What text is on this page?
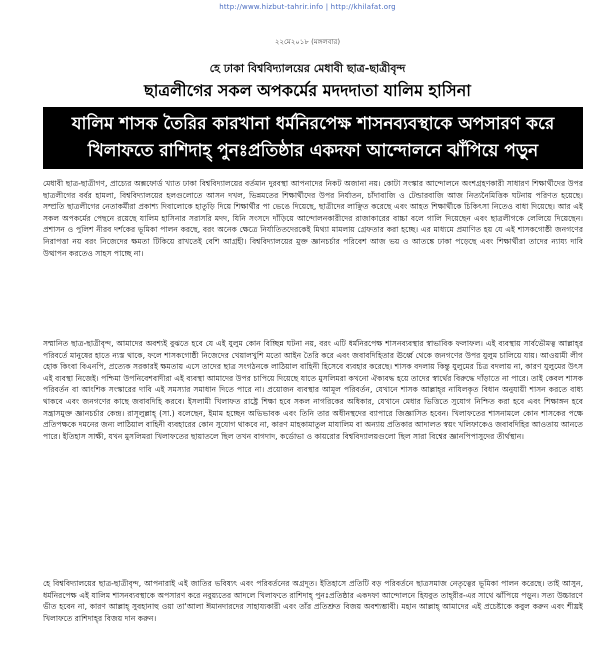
http://www.hizbut-tahrir.info | http://khilafat.org
২২মে২০১৮ (মঙ্গলবার)
হে ঢাকা বিশ্ববিদ্যালয়ের মেধাবী ছাত্র-ছাত্রীবৃন্দ
ছাত্রলীগের সকল অপকর্মের মদদদাতা যালিম হাসিনা
যালিম শাসক তৈরির কারখানা ধর্মনিরপেক্ষ শাসনব্যবস্থাকে অপসারণ করে
খিলাফতে রাশিদাহ্ পুনঃপ্রতিষ্ঠার একদফা আন্দোলনে ঝাঁপিয়ে পড়ুন
মেধাবী ছাত্র-ছাত্রীগণ, প্রাচ্যের অক্সফোর্ড খ্যাত ঢাকা বিশ্ববিদ্যালয়ের বর্তমান দুরবস্থা আপনাদের নিকট অজানা নয়। কোটা সংস্কার আন্দোলনে অংশগ্রহণকারী সাধারণ শিক্ষার্থীদের উপর ছাত্রলীগের বর্বর হামলা, বিশ্ববিদ্যালয়ের হলগুলোতে আসন দখল, ভিন্নমতের শিক্ষার্থীদের উপর নির্যাতন, চাঁদাবাজি ও টেন্ডারবাজি আজ নিত্যনৈমিত্তিক ঘটনায় পরিণত হয়েছে। সম্প্রতি ছাত্রলীগের নেতাকর্মীরা প্রকাশ্য দিবালোকে হাতুড়ি দিয়ে শিক্ষার্থীর পা ভেঙে দিয়েছে, ছাত্রীদের লাঞ্ছিত করেছে এবং আহত শিক্ষার্থীকে চিকিৎসা নিতেও বাধা দিয়েছে। আর এই সকল অপকর্মের পেছনে রয়েছে যালিম হাসিনার সরাসরি মদদ, যিনি সংসদে দাঁড়িয়ে আন্দোলনকারীদের রাজাকারের বাচ্চা বলে গালি দিয়েছেন এবং ছাত্রলীগকে লেলিয়ে দিয়েছেন। প্রশাসন ও পুলিশ নীরব দর্শকের ভূমিকা পালন করছে, বরং অনেক ক্ষেত্রে নির্যাতিতদেরকেই মিথ্যা মামলায় গ্রেফতার করা হচ্ছে। এর মাধ্যমে প্রমাণিত হয় যে এই শাসকগোষ্ঠী জনগণের নিরাপত্তা নয় বরং নিজেদের ক্ষমতা টিকিয়ে রাখতেই বেশি আগ্রহী। বিশ্ববিদ্যালয়ের মুক্ত জ্ঞানচর্চার পরিবেশ আজ ভয় ও আতঙ্কে ঢাকা পড়েছে এবং শিক্ষার্থীরা তাদের ন্যায্য দাবি উত্থাপন করতেও সাহস পাচ্ছে না।
সম্মানিত ছাত্র-ছাত্রীবৃন্দ, আমাদের অবশ্যই বুঝতে হবে যে এই যুলুম কোন বিচ্ছিন্ন ঘটনা নয়, বরং এটি ধর্মনিরপেক্ষ শাসনব্যবস্থার স্বাভাবিক ফলাফল। এই ব্যবস্থায় সার্বভৌমত্ব আল্লাহ্‌র পরিবর্তে মানুষের হাতে ন্যস্ত থাকে, ফলে শাসকগোষ্ঠী নিজেদের খেয়ালখুশি মতো আইন তৈরি করে এবং জবাবদিহিতার ঊর্ধ্বে থেকে জনগণের উপর যুলুম চালিয়ে যায়। আওয়ামী লীগ হোক কিংবা বিএনপি, প্রত্যেক সরকারই ক্ষমতায় এসে তাদের ছাত্র সংগঠনকে লাঠিয়াল বাহিনী হিসেবে ব্যবহার করেছে। শাসক বদলায় কিন্তু যুলুমের চিত্র বদলায় না, কারণ যুলুমের উৎস এই ব্যবস্থা নিজেই। পশ্চিমা উপনিবেশবাদীরা এই ব্যবস্থা আমাদের উপর চাপিয়ে দিয়েছে যাতে মুসলিমরা কখনো ঐক্যবদ্ধ হয়ে তাদের স্বার্থের বিরুদ্ধে দাঁড়াতে না পারে। তাই কেবল শাসক পরিবর্তন বা আংশিক সংস্কারের দাবি এই সমস্যার সমাধান দিতে পারে না। প্রয়োজন ব্যবস্থার আমূল পরিবর্তন, যেখানে শাসক আল্লাহ্‌র নাযিলকৃত বিধান অনুযায়ী শাসন করতে বাধ্য থাকবে এবং জনগণের কাছে জবাবদিহি করবে। ইসলামী খিলাফত রাষ্ট্রে শিক্ষা হবে সকল নাগরিকের অধিকার, যেখানে মেধার ভিত্তিতে সুযোগ নিশ্চিত করা হবে এবং শিক্ষাঙ্গন হবে সন্ত্রাসমুক্ত জ্ঞানচর্চার কেন্দ্র। রাসূলুল্লাহ্ (সা.) বলেছেন, ইমাম হচ্ছেন অভিভাবক এবং তিনি তার অধীনস্থদের ব্যাপারে জিজ্ঞাসিত হবেন। খিলাফতের শাসনামলে কোন শাসকের পক্ষে প্রতিপক্ষকে দমনের জন্য লাঠিয়াল বাহিনী ব্যবহারের কোন সুযোগ থাকবে না, কারণ মাহকামাতুল মাযালিম বা অন্যায় প্রতিকার আদালত স্বয়ং খলিফাকেও জবাবদিহির আওতায় আনতে পারে। ইতিহাস সাক্ষী, যখন মুসলিমরা খিলাফতের ছায়াতলে ছিল তখন বাগদাদ, কর্ডোভা ও কায়রোর বিশ্ববিদ্যালয়গুলো ছিল সারা বিশ্বের জ্ঞানপিপাসুদের তীর্থস্থান।
হে বিশ্ববিদ্যালয়ের ছাত্র-ছাত্রীবৃন্দ, আপনারাই এই জাতির ভবিষ্যৎ এবং পরিবর্তনের অগ্রদূত। ইতিহাসে প্রতিটি বড় পরিবর্তনে ছাত্রসমাজ নেতৃত্বের ভূমিকা পালন করেছে। তাই আসুন, ধর্মনিরপেক্ষ এই যালিম শাসনব্যবস্থাকে অপসারণ করে নবুয়্যতের আদলে খিলাফতে রাশিদাহ্ পুনঃপ্রতিষ্ঠার একদফা আন্দোলনে হিযবুত তাহ্‌রীর-এর সাথে ঝাঁপিয়ে পড়ুন। সত্য উচ্চারণে ভীত হবেন না, কারণ আল্লাহ্‌ সুবহানাহু ওয়া তা'আলা ঈমানদারদের সাহায্যকারী এবং তাঁর প্রতিশ্রুত বিজয় অবশ্যম্ভাবী। মহান আল্লাহ্‌ আমাদের এই প্রচেষ্টাকে কবুল করুন এবং শীঘ্রই খিলাফতে রাশিদাহ্‌র বিজয় দান করুন।
